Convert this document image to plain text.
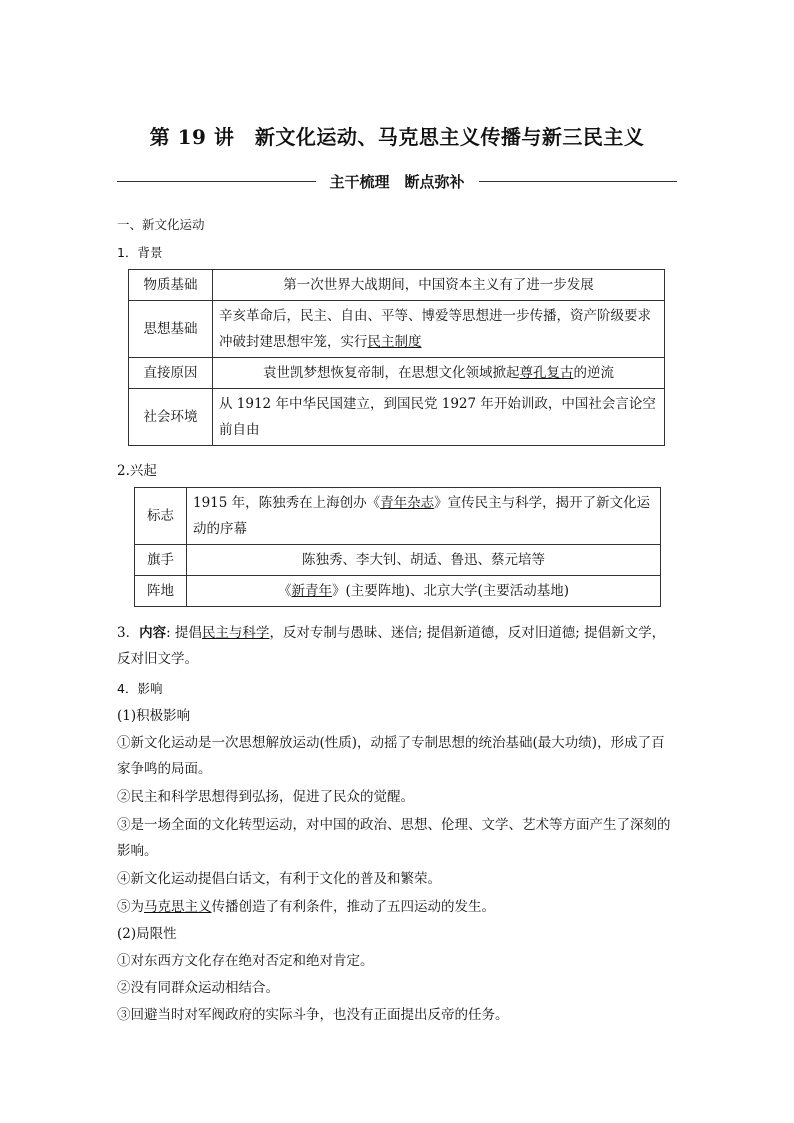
第 19 讲　新文化运动、马克思主义传播与新三民主义
主干梳理　断点弥补
一、新文化运动
1．背景
物质基础	第一次世界大战期间，中国资本主义有了进一步发展
思想基础	辛亥革命后，民主、自由、平等、博爱等思想进一步传播，资产阶级要求冲破封建思想牢笼，实行民主制度
直接原因	袁世凯梦想恢复帝制，在思想文化领域掀起尊孔复古的逆流
社会环境	从 1912 年中华民国建立，到国民党 1927 年开始训政，中国社会言论空前自由
2.兴起
标志	1915 年，陈独秀在上海创办《青年杂志》宣传民主与科学，揭开了新文化运动的序幕
旗手	陈独秀、李大钊、胡适、鲁迅、蔡元培等
阵地	《新青年》(主要阵地)、北京大学(主要活动基地)
3．内容: 提倡民主与科学，反对专制与愚昧、迷信; 提倡新道德，反对旧道德; 提倡新文学，反对旧文学。
4．影响
(1)积极影响
①新文化运动是一次思想解放运动(性质)，动摇了专制思想的统治基础(最大功绩)，形成了百家争鸣的局面。
②民主和科学思想得到弘扬，促进了民众的觉醒。
③是一场全面的文化转型运动，对中国的政治、思想、伦理、文学、艺术等方面产生了深刻的影响。
④新文化运动提倡白话文，有利于文化的普及和繁荣。
⑤为马克思主义传播创造了有利条件，推动了五四运动的发生。
(2)局限性
①对东西方文化存在绝对否定和绝对肯定。
②没有同群众运动相结合。
③回避当时对军阀政府的实际斗争，也没有正面提出反帝的任务。
